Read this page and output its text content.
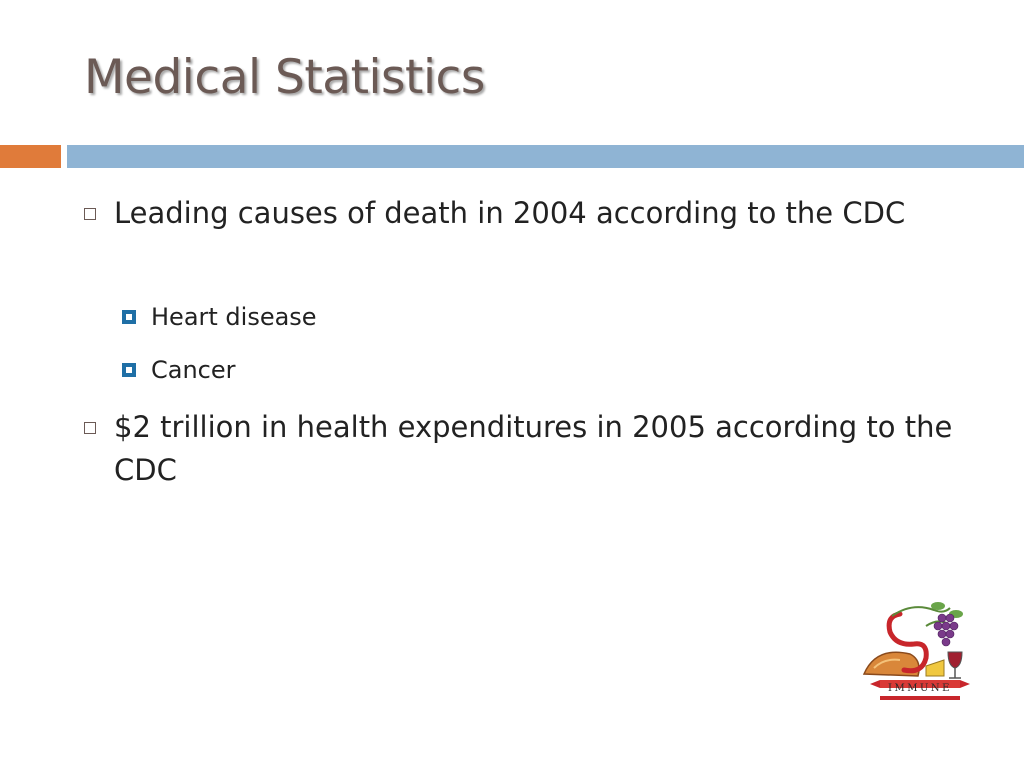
Medical Statistics
Leading causes of death in 2004 according to the CDC
Heart disease
Cancer
$2 trillion in health expenditures in 2005 according to the CDC
IMMUNE
